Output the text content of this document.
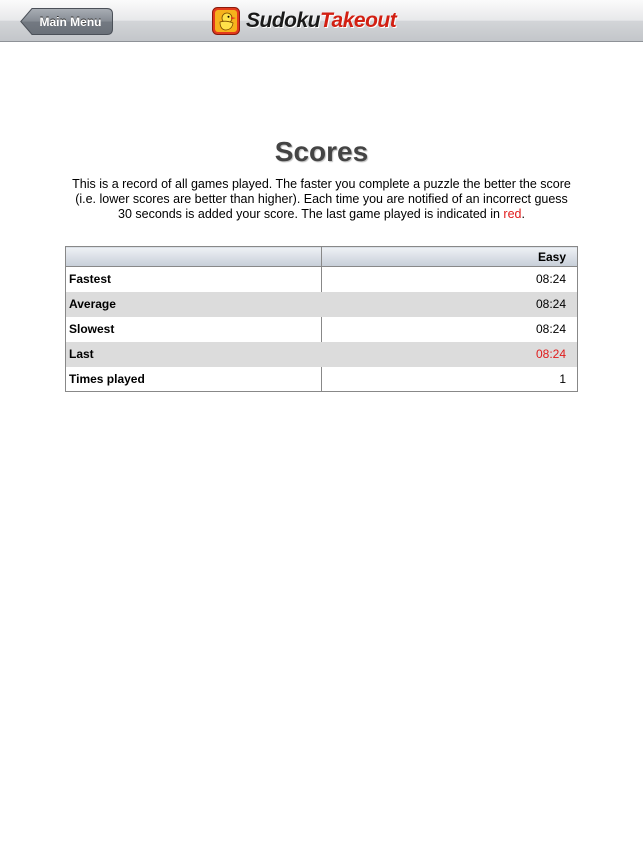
Main Menu	SudokuTakeout
Scores

This is a record of all games played. The faster you complete a puzzle the better the score (i.e. lower scores are better than higher). Each time you are notified of an incorrect guess 30 seconds is added your score. The last game played is indicated in red.

	Easy
Fastest	08:24
Average	08:24
Slowest	08:24
Last	08:24
Times played	1
